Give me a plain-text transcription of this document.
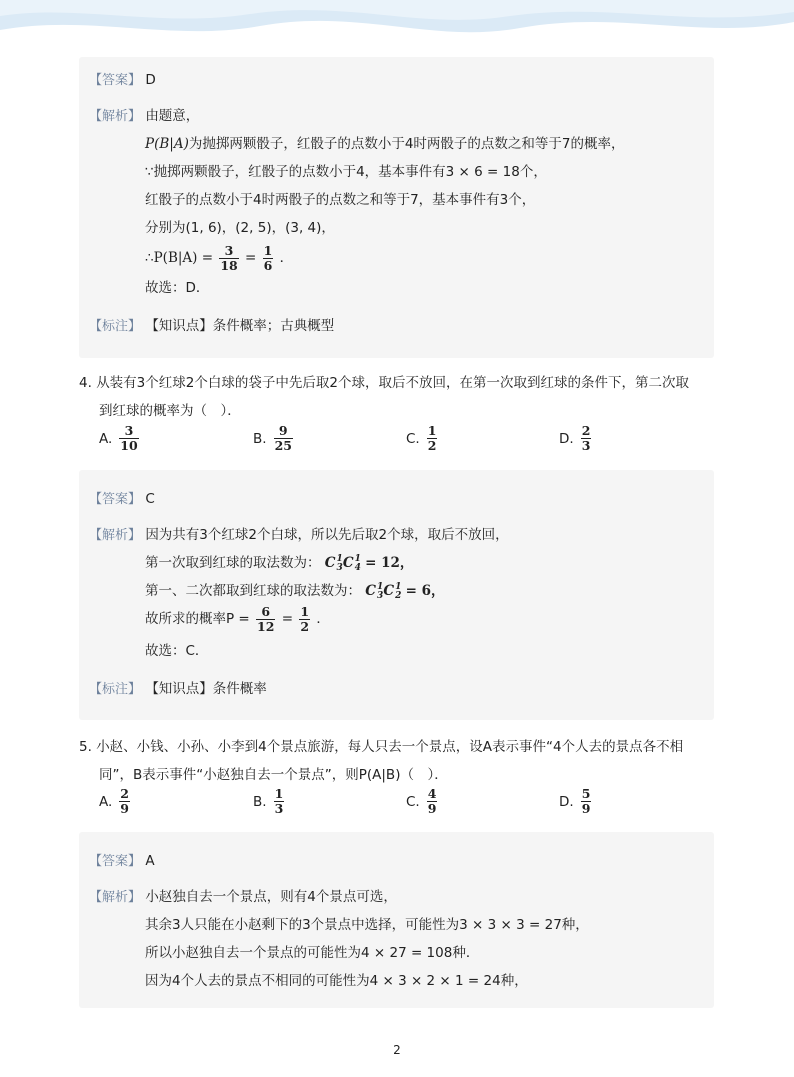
【答案】 D
【解析】 由题意，
P(B|A)为抛掷两颗骰子，红骰子的点数小于4时两骰子的点数之和等于7的概率，
∵抛掷两颗骰子，红骰子的点数小于4，基本事件有3 × 6 = 18个，
红骰子的点数小于4时两骰子的点数之和等于7，基本事件有3个，
分别为(1, 6)，(2, 5)，(3, 4)，
∴P(B|A) = $\frac{3}{18} = \frac{1}{6}$ ．
故选：D．
【标注】 【知识点】条件概率；古典概型
4. 从装有3个红球2个白球的袋子中先后取2个球，取后不放回，在第一次取到红球的条件下，第二次取
到红球的概率为（　）．
A. $\frac{3}{10}$	B. $\frac{9}{25}$	C. $\frac{1}{2}$	D. $\frac{2}{3}$
【答案】 C
【解析】 因为共有3个红球2个白球，所以先后取2个球，取后不放回，
第一次取到红球的取法数为： C 1
3 C 1
4 = 12，
第一、二次都取到红球的取法数为： C 1
3 C 1
2 = 6，
故所求的概率$P = \frac{6}{12} = \frac{1}{2}$ ．
故选：C．
【标注】 【知识点】条件概率
5. 小赵、小钱、小孙、小李到4个景点旅游，每人只去一个景点，设A表示事件“4个人去的景点各不相
同”，B表示事件“小赵独自去一个景点”，则P(A|B)（　）．
A. $\frac{2}{9}$	B. $\frac{1}{3}$	C. $\frac{4}{9}$	D. $\frac{5}{9}$
【答案】 A
【解析】 小赵独自去一个景点，则有4个景点可选，
其余3人只能在小赵剩下的3个景点中选择，可能性为3 × 3 × 3 = 27种，
所以小赵独自去一个景点的可能性为4 × 27 = 108种．
因为4个人去的景点不相同的可能性为4 × 3 × 2 × 1 = 24种，
2
